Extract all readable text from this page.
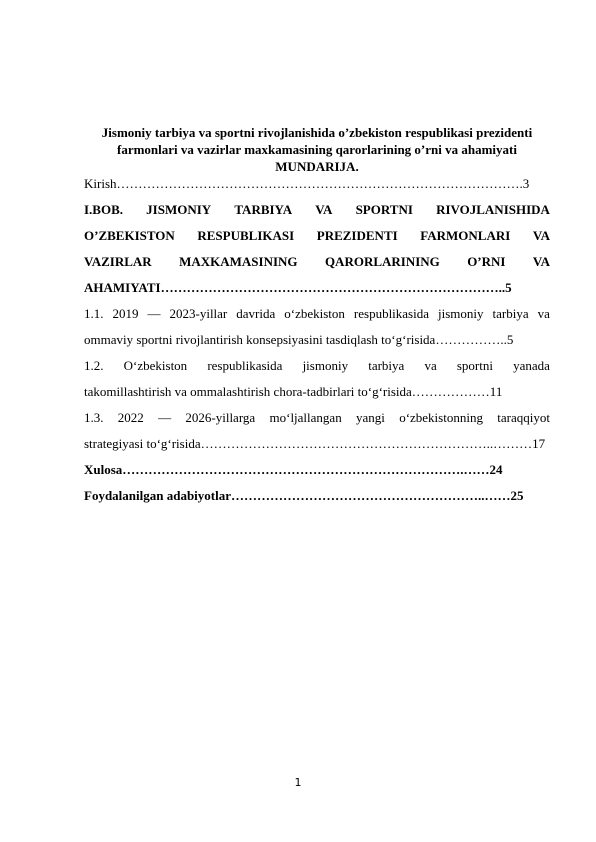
Jismoniy tarbiya va sportni rivojlanishida o’zbekiston respublikasi prezidenti
farmonlari va vazirlar maxkamasining qarorlarining o’rni va ahamiyati
MUNDARIJA.
Kirish………………………………………………………………………………….3
I.BOB. JISMONIY TARBIYA VA SPORTNI RIVOJLANISHIDA
O’ZBEKISTON RESPUBLIKASI PREZIDENTI FARMONLARI VA
VAZIRLAR MAXKAMASINING QARORLARINING O’RNI VA
AHAMIYATI……………………………………………………………………..5
1.1. 2019 — 2023-yillar davrida o‘zbekiston respublikasida jismoniy tarbiya va
ommaviy sportni rivojlantirish konsepsiyasini tasdiqlash to‘g‘risida……………..5
1.2. O‘zbekiston respublikasida jismoniy tarbiya va sportni yanada
takomillashtirish va ommalashtirish chora-tadbirlari to‘g‘risida………………11
1.3. 2022 — 2026-yillarga mo‘ljallangan yangi o‘zbekistonning taraqqiyot
strategiyasi to‘g‘risida…………………………………………………………..………17
Xulosa…………………………………………………………………….……24
Foydalanilgan adabiyotlar…………………………………………………..……25
1
